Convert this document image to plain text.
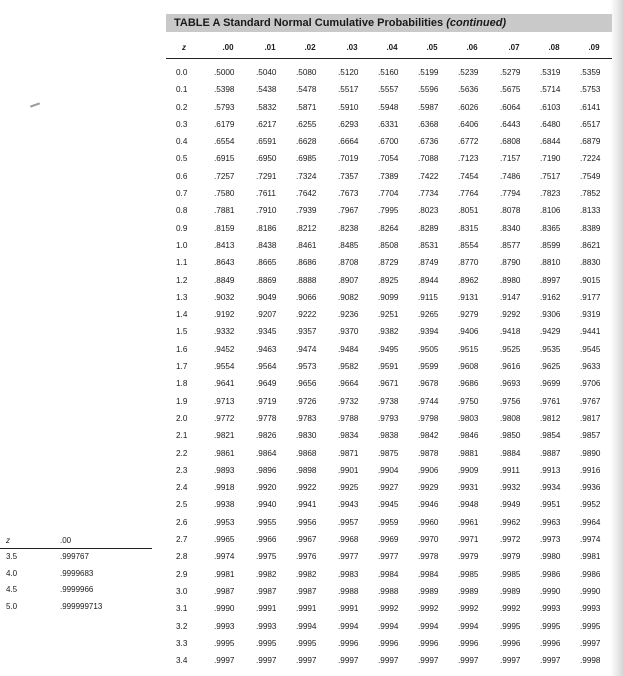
TABLE A Standard Normal Cumulative Probabilities (continued)
z	.00	.01	.02	.03	.04	.05	.06	.07	.08	.09
0.0	.5000	.5040 .5080	.5120 .5160 .5199 .5239	.5279 .5319 .5359
0.1	.5398	.5438 .5478	.5517 .5557 .5596 .5636	.5675 .5714 .5753
0.2	.5793	.5832 .5871	.5910 .5948 .5987 .6026	.6064 .6103 .6141
0.3	.6179	.6217 .6255	.6293 .6331 .6368 .6406	.6443 .6480 .6517
0.4	.6554	.6591 .6628	.6664 .6700 .6736 .6772	.6808 .6844 .6879
0.5	.6915	.6950 .6985	.7019 .7054 .7088 .7123	.7157 .7190 .7224
0.6	.7257	.7291 .7324	.7357 .7389 .7422 .7454	.7486 .7517 .7549
0.7	.7580	.7611 .7642	.7673 .7704 .7734 .7764	.7794 .7823 .7852
0.8	.7881	.7910 .7939	.7967 .7995 .8023 .8051	.8078 .8106 .8133
0.9	.8159	.8186 .8212	.8238 .8264 .8289 .8315	.8340 .8365 .8389
1.0	.8413	.8438 .8461	.8485 .8508 .8531 .8554	.8577 .8599 .8621
1.1	.8643	.8665 .8686	.8708 .8729 .8749 .8770	.8790 .8810 .8830
1.2	.8849	.8869 .8888	.8907 .8925 .8944 .8962	.8980 .8997 .9015
1.3	.9032	.9049 .9066	.9082 .9099 .9115 .9131	.9147 .9162 .9177
1.4	.9192	.9207 .9222	.9236 .9251 .9265 .9279	.9292 .9306 .9319
1.5	.9332	.9345 .9357	.9370 .9382 .9394 .9406	.9418 .9429 .9441
1.6	.9452	.9463 .9474	.9484 .9495 .9505 .9515	.9525 .9535 .9545
1.7	.9554	.9564 .9573	.9582 .9591 .9599 .9608	.9616 .9625 .9633
1.8	.9641	.9649 .9656	.9664 .9671 .9678 .9686	.9693 .9699 .9706
1.9	.9713	.9719 .9726	.9732 .9738 .9744 .9750	.9756 .9761 .9767
2.0	.9772	.9778 .9783	.9788 .9793 .9798 .9803	.9808 .9812 .9817
2.1	.9821	.9826 .9830	.9834 .9838 .9842 .9846	.9850 .9854 .9857
2.2	.9861	.9864 .9868	.9871 .9875 .9878 .9881	.9884 .9887 .9890
2.3	.9893	.9896 .9898	.9901 .9904 .9906 .9909	.9911 .9913 .9916
2.4	.9918	.9920 .9922	.9925 .9927 .9929 .9931	.9932 .9934 .9936
2.5	.9938	.9940 .9941	.9943 .9945 .9946 .9948	.9949 .9951 .9952
2.6	.9953	.9955 .9956	.9957 .9959 .9960 .9961	.9962 .9963 .9964
2.7	.9965	.9966 .9967	.9968 .9969 .9970 .9971	.9972 .9973 .9974
2.8	.9974	.9975 .9976	.9977 .9977 .9978 .9979	.9979 .9980 .9981
2.9	.9981	.9982 .9982	.9983 .9984 .9984 .9985	.9985 .9986 .9986
3.0	.9987	.9987 .9987	.9988 .9988 .9989 .9989	.9989 .9990 .9990
3.1	.9990	.9991 .9991	.9991 .9992 .9992 .9992	.9992 .9993 .9993
3.2	.9993	.9993 .9994	.9994 .9994 .9994 .9994	.9995 .9995 .9995
3.3	.9995	.9995 .9995	.9996 .9996 .9996 .9996	.9996 .9996 .9997
3.4	.9997	.9997 .9997	.9997 .9997 .9997 .9997	.9997 .9997 .9998
z	.00
3.5	.999767
4.0	.9999683
4.5	.9999966
5.0	.999999713
